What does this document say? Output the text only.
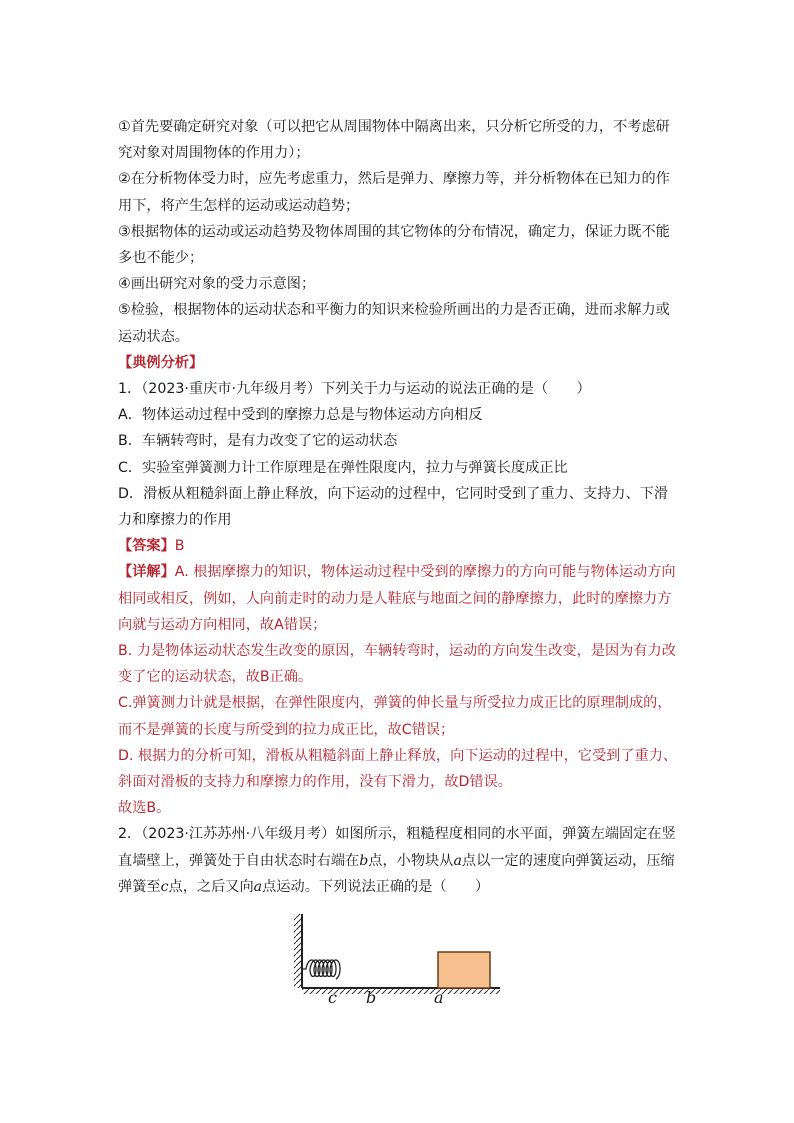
①首先要确定研究对象（可以把它从周围物体中隔离出来，只分析它所受的力，不考虑研究对象对周围物体的作用力）；

②在分析物体受力时，应先考虑重力，然后是弹力、摩擦力等，并分析物体在已知力的作用下，将产生怎样的运动或运动趋势；

③根据物体的运动或运动趋势及物体周围的其它物体的分布情况，确定力，保证力既不能多也不能少；

④画出研究对象的受力示意图；

⑤检验，根据物体的运动状态和平衡力的知识来检验所画出的力是否正确，进而求解力或运动状态。

【典例分析】

1．（2023·重庆市·九年级月考）下列关于力与运动的说法正确的是（　　）

A．物体运动过程中受到的摩擦力总是与物体运动方向相反

B．车辆转弯时，是有力改变了它的运动状态

C．实验室弹簧测力计工作原理是在弹性限度内，拉力与弹簧长度成正比

D．滑板从粗糙斜面上静止释放，向下运动的过程中，它同时受到了重力、支持力、下滑力和摩擦力的作用

【答案】B

【详解】A. 根据摩擦力的知识，物体运动过程中受到的摩擦力的方向可能与物体运动方向相同或相反，例如，人向前走时的动力是人鞋底与地面之间的静摩擦力，此时的摩擦力方向就与运动方向相同，故A错误；

B. 力是物体运动状态发生改变的原因，车辆转弯时，运动的方向发生改变，是因为有力改变了它的运动状态，故B正确。

C.弹簧测力计就是根据，在弹性限度内，弹簧的伸长量与所受拉力成正比的原理制成的，而不是弹簧的长度与所受到的拉力成正比，故C错误；

D. 根据力的分析可知，滑板从粗糙斜面上静止释放，向下运动的过程中，它受到了重力、斜面对滑板的支持力和摩擦力的作用，没有下滑力，故D错误。

故选B。

2．（2023·江苏苏州·八年级月考）如图所示，粗糙程度相同的水平面，弹簧左端固定在竖直墙壁上，弹簧处于自由状态时右端在b点，小物块从a点以一定的速度向弹簧运动，压缩弹簧至c点，之后又向a点运动。下列说法正确的是（　　）

c b	a
